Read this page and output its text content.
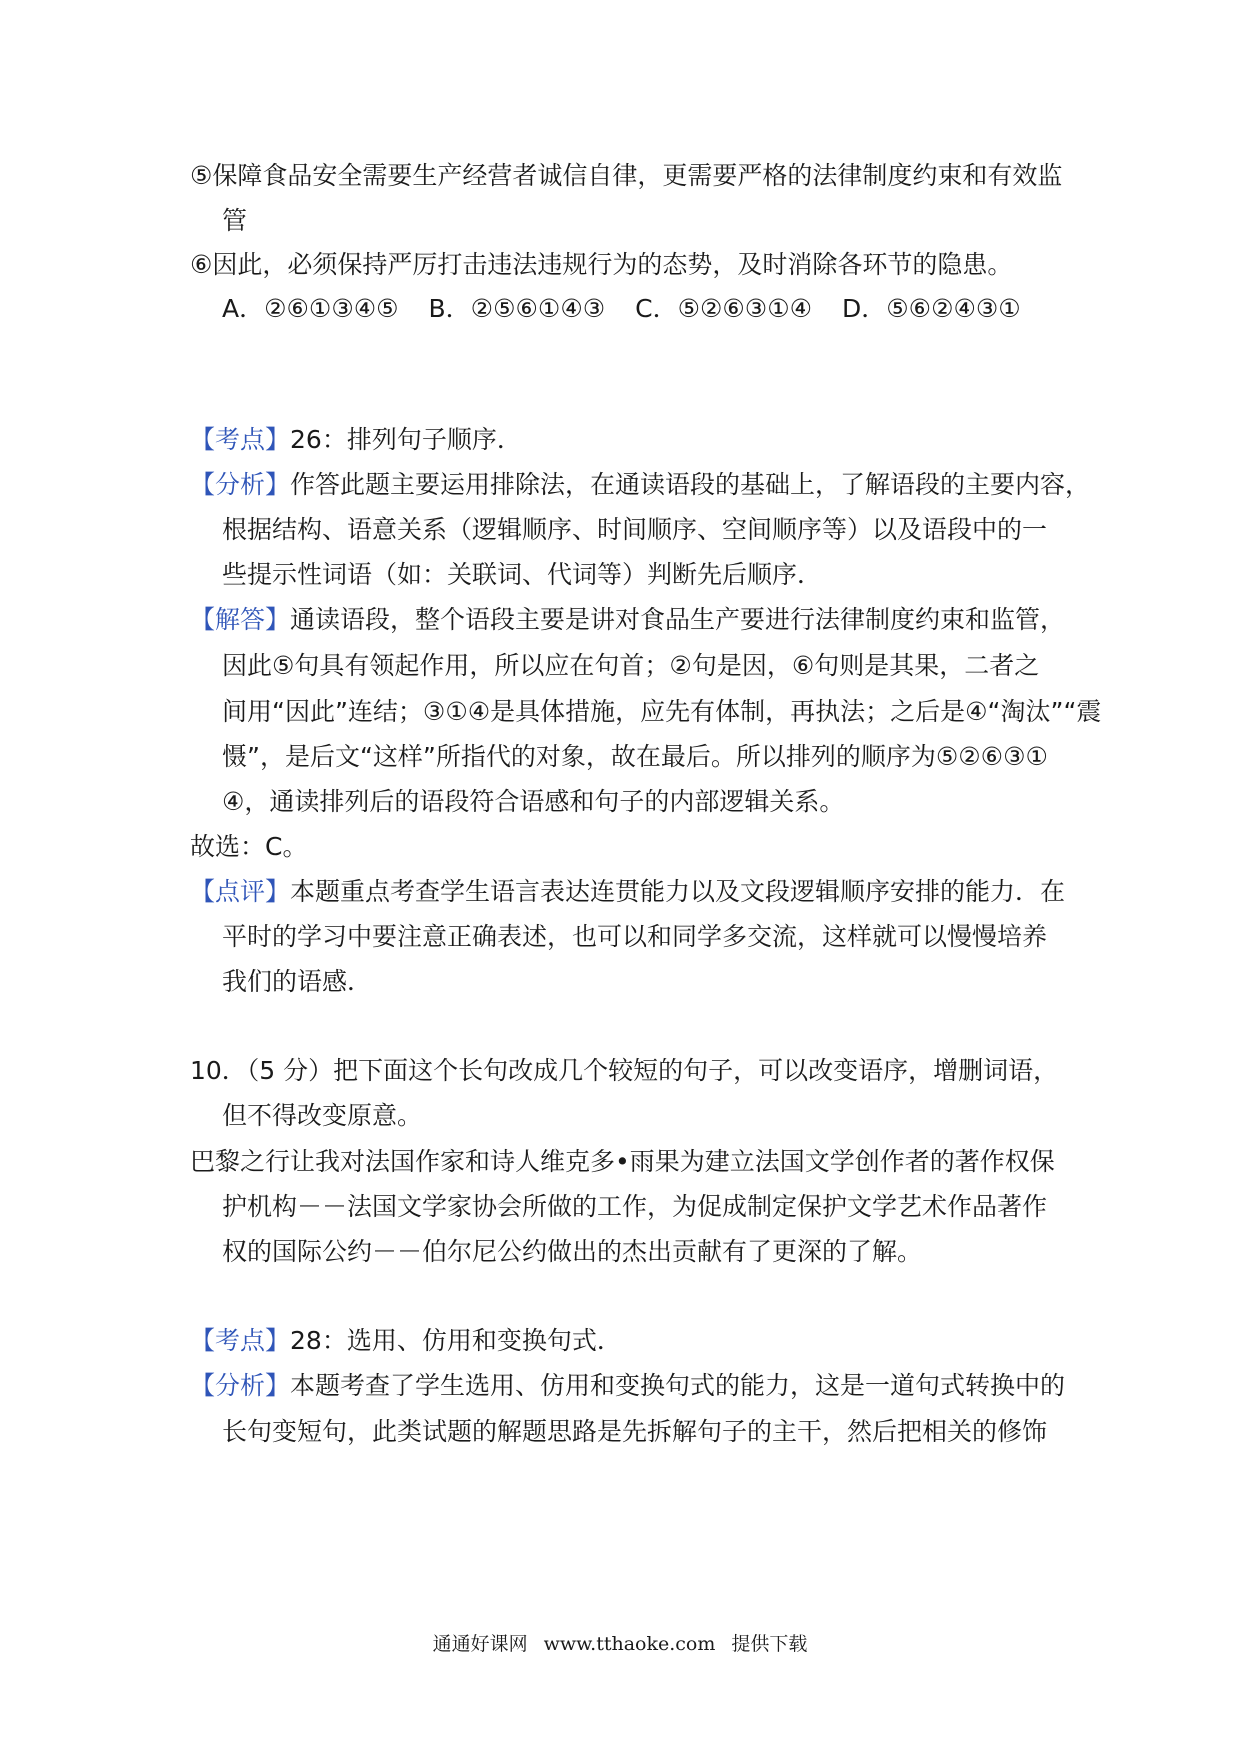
⑤保障食品安全需要生产经营者诚信自律，更需要严格的法律制度约束和有效监
管
⑥因此，必须保持严厉打击违法违规行为的态势，及时消除各环节的隐患。
A．②⑥①③④⑤ B．②⑤⑥①④③ C．⑤②⑥③①④ D．⑤⑥②④③①
【考点】26：排列句子顺序．
【分析】作答此题主要运用排除法，在通读语段的基础上，了解语段的主要内容，
根据结构、语意关系（逻辑顺序、时间顺序、空间顺序等）以及语段中的一
些提示性词语（如：关联词、代词等）判断先后顺序．
【解答】通读语段，整个语段主要是讲对食品生产要进行法律制度约束和监管，
因此⑤句具有领起作用，所以应在句首；②句是因，⑥句则是其果，二者之
间用“因此”连结；③①④是具体措施，应先有体制，再执法；之后是④“淘汰”“震
慑”，是后文“这样”所指代的对象，故在最后。所以排列的顺序为⑤②⑥③①
④，通读排列后的语段符合语感和句子的内部逻辑关系。
故选：C。
【点评】本题重点考查学生语言表达连贯能力以及文段逻辑顺序安排的能力．在
平时的学习中要注意正确表述，也可以和同学多交流，这样就可以慢慢培养
我们的语感．
10．（5 分）把下面这个长句改成几个较短的句子，可以改变语序，增删词语，
但不得改变原意。
巴黎之行让我对法国作家和诗人维克多•雨果为建立法国文学创作者的著作权保
护机构－－法国文学家协会所做的工作，为促成制定保护文学艺术作品著作
权的国际公约－－伯尔尼公约做出的杰出贡献有了更深的了解。
【考点】28：选用、仿用和变换句式．
【分析】本题考查了学生选用、仿用和变换句式的能力，这是一道句式转换中的
长句变短句，此类试题的解题思路是先拆解句子的主干，然后把相关的修饰
通通好课网 www.tthaoke.com 提供下载
